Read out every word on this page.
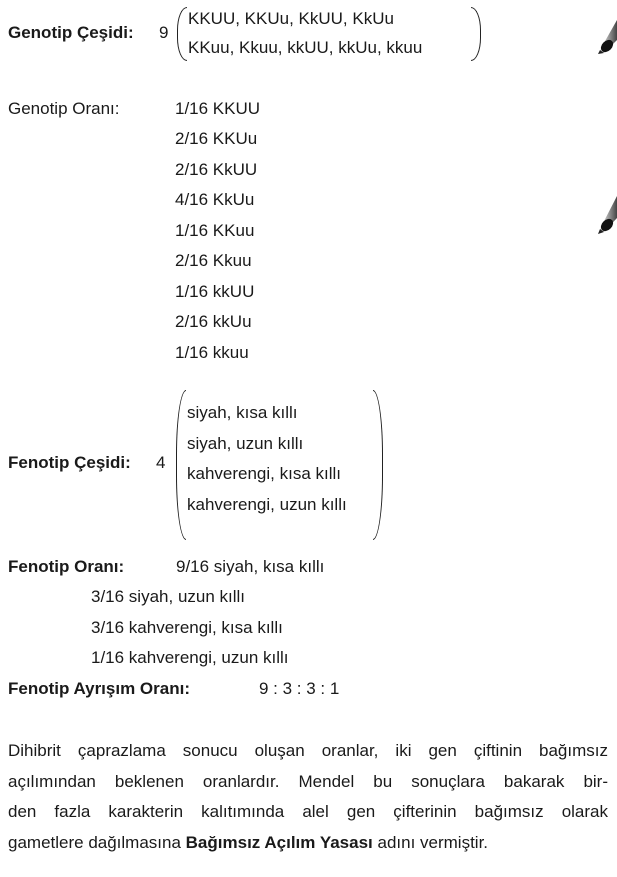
Genotip Çeşidi: 9
KKUU, KKUu, KkUU, KkUu
KKuu, Kkuu, kkUU, kkUu, kkuu
Genotip Oranı:	1/16 KKUU
2/16 KKUu
2/16 KkUU
4/16 KkUu
1/16 KKuu
2/16 Kkuu
1/16 kkUU
2/16 kkUu
1/16 kkuu
Fenotip Çeşidi: 4
siyah, kısa kıllı
siyah, uzun kıllı
kahverengi, kısa kıllı
kahverengi, uzun kıllı
Fenotip Oranı:	9/16 siyah, kısa kıllı
3/16 siyah, uzun kıllı
3/16 kahverengi, kısa kıllı
1/16 kahverengi, uzun kıllı
Fenotip Ayrışım Oranı:	9 : 3 : 3 : 1
Dihibrit çaprazlama sonucu oluşan oranlar, iki gen çiftinin bağımsız
açılımından beklenen oranlardır. Mendel bu sonuçlara bakarak bir-
den fazla karakterin kalıtımında alel gen çifterinin bağımsız olarak
gametlere dağılmasına Bağımsız Açılım Yasası adını vermiştir.
